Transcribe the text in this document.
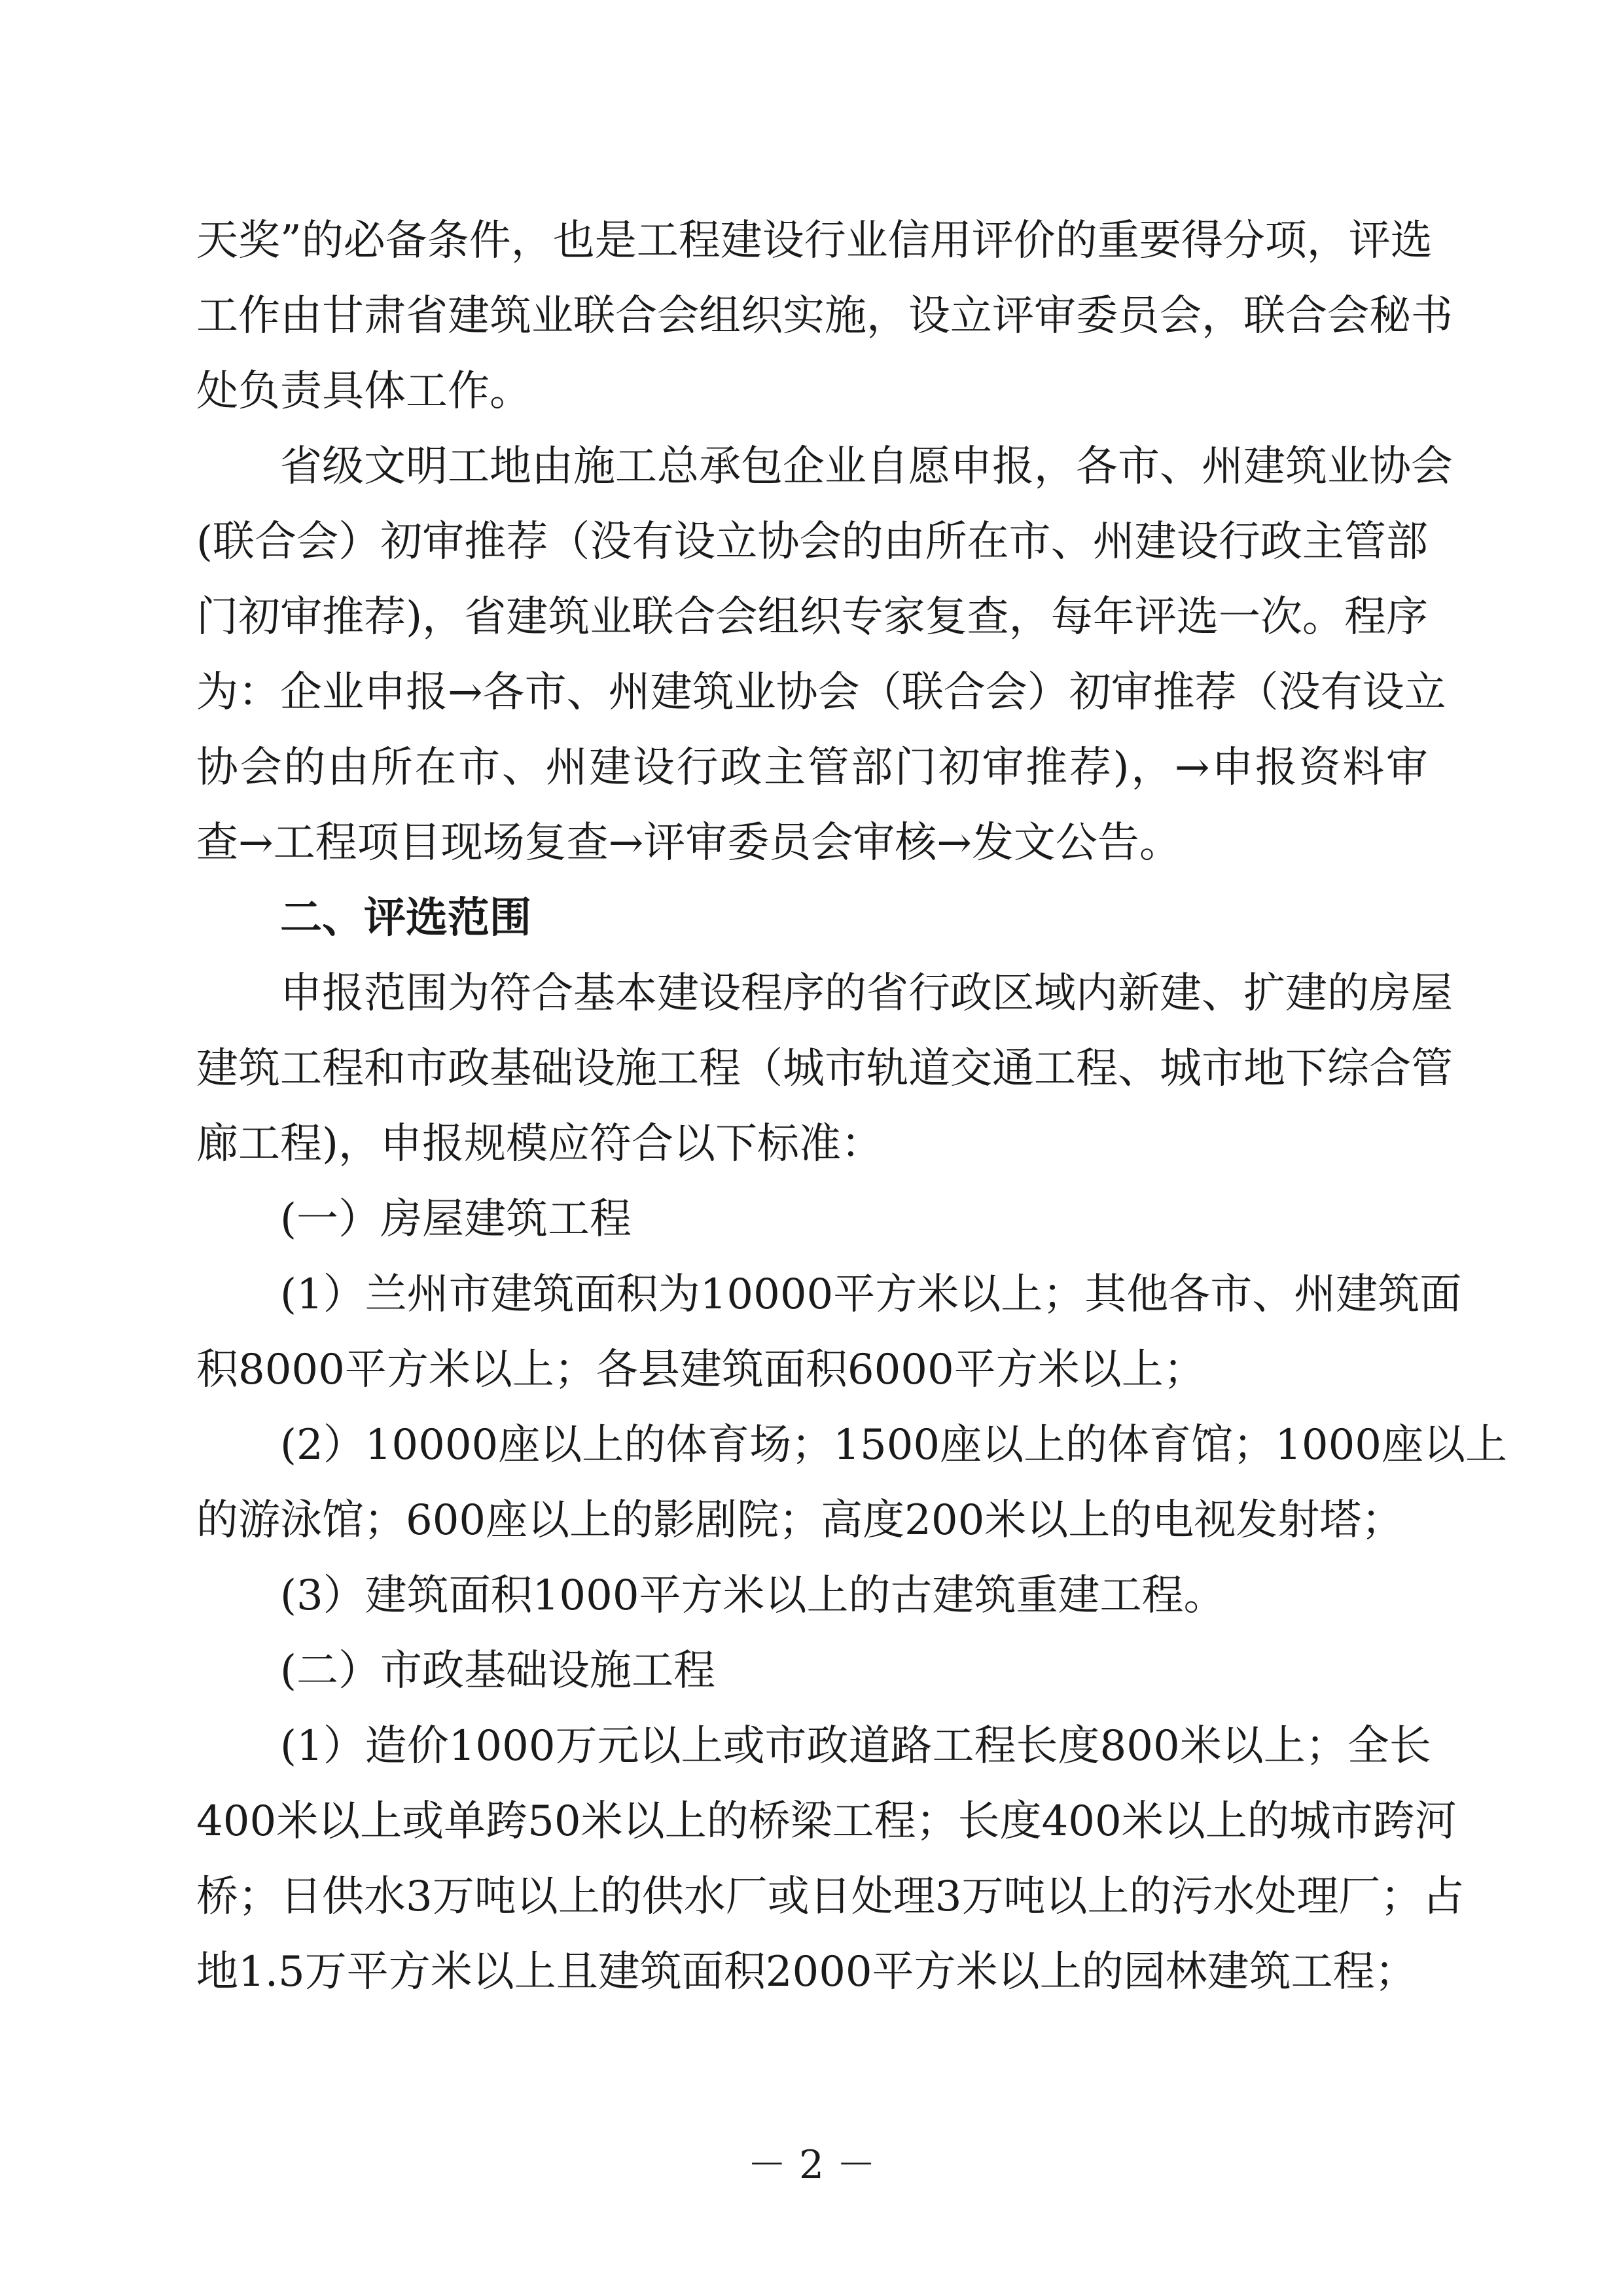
天奖”的必备条件，也是工程建设行业信用评价的重要得分项，评选
工作由甘肃省建筑业联合会组织实施，设立评审委员会，联合会秘书
处负责具体工作。
省级文明工地由施工总承包企业自愿申报，各市、州建筑业协会
(联合会）初审推荐（没有设立协会的由所在市、州建设行政主管部
门初审推荐)，省建筑业联合会组织专家复查，每年评选一次。程序
为：企业申报→各市、州建筑业协会（联合会）初审推荐（没有设立
协会的由所在市、州建设行政主管部门初审推荐)，→申报资料审
查→工程项目现场复查→评审委员会审核→发文公告。
二、评选范围
申报范围为符合基本建设程序的省行政区域内新建、扩建的房屋
建筑工程和市政基础设施工程（城市轨道交通工程、城市地下综合管
廊工程)，申报规模应符合以下标准：
(一）房屋建筑工程
(1）兰州市建筑面积为10000平方米以上；其他各市、州建筑面
积8000平方米以上；各县建筑面积6000平方米以上；
(2）10000座以上的体育场；1500座以上的体育馆；1000座以上
的游泳馆；600座以上的影剧院；高度200米以上的电视发射塔；
(3）建筑面积1000平方米以上的古建筑重建工程。
(二）市政基础设施工程
(1）造价1000万元以上或市政道路工程长度800米以上；全长
400米以上或单跨50米以上的桥梁工程；长度400米以上的城市跨河
桥；日供水3万吨以上的供水厂或日处理3万吨以上的污水处理厂；占
地1.5万平方米以上且建筑面积2000平方米以上的园林建筑工程；
－ 2 －
